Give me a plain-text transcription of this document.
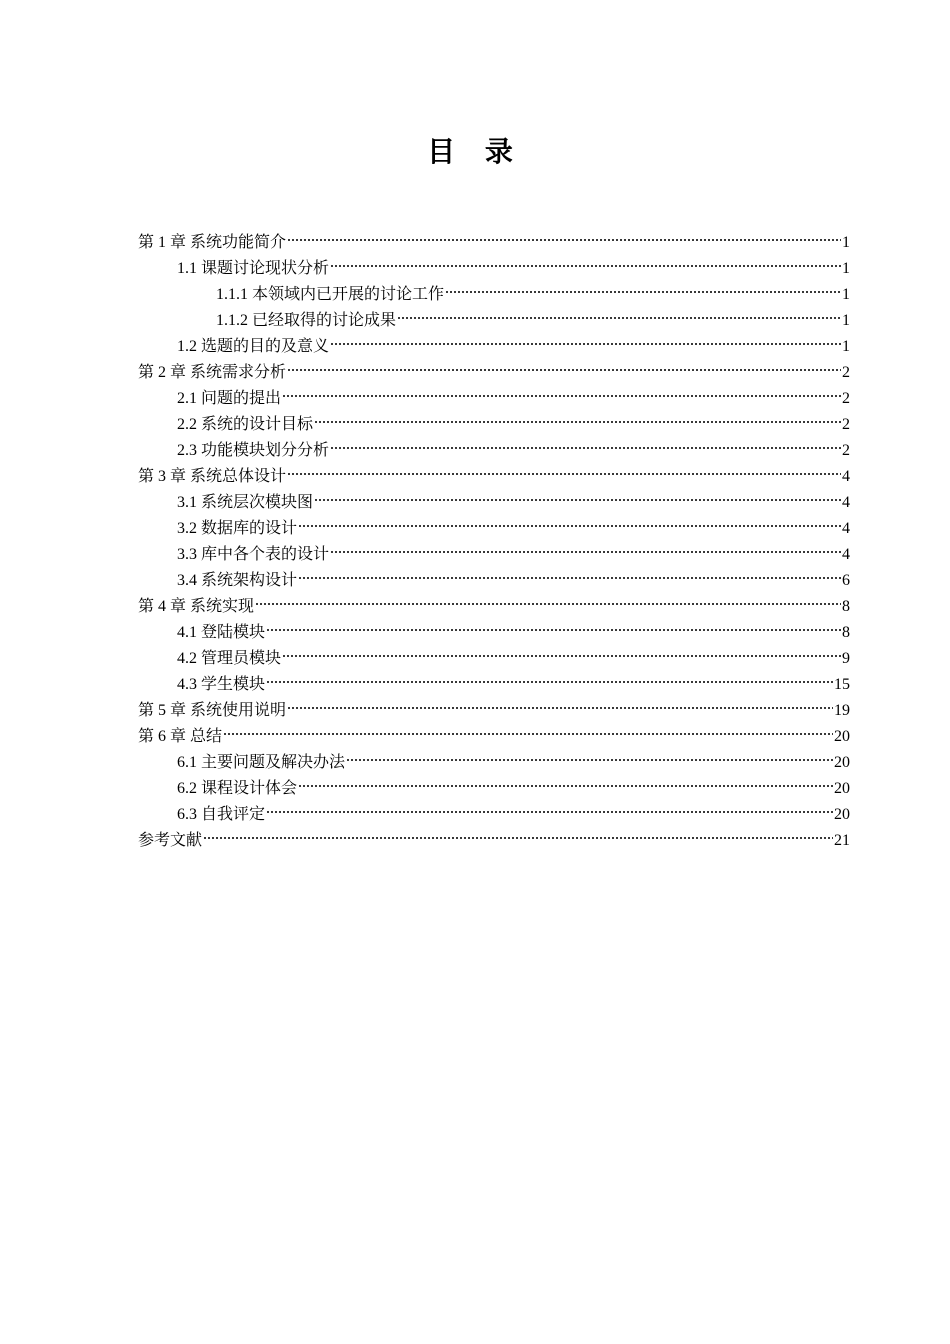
目 录
第 1 章 系统功能简介	1
1.1 课题讨论现状分析	1
1.1.1 本领域内已开展的讨论工作	1
1.1.2 已经取得的讨论成果	1
1.2 选题的目的及意义	1
第 2 章 系统需求分析	2
2.1 问题的提出	2
2.2 系统的设计目标	2
2.3 功能模块划分分析	2
第 3 章 系统总体设计	4
3.1 系统层次模块图	4
3.2 数据库的设计	4
3.3 库中各个表的设计	4
3.4 系统架构设计	6
第 4 章 系统实现	8
4.1 登陆模块	8
4.2 管理员模块	9
4.3 学生模块	15
第 5 章 系统使用说明	19
第 6 章 总结	20
6.1 主要问题及解决办法	20
6.2 课程设计体会	20
6.3 自我评定	20
参考文献	21
